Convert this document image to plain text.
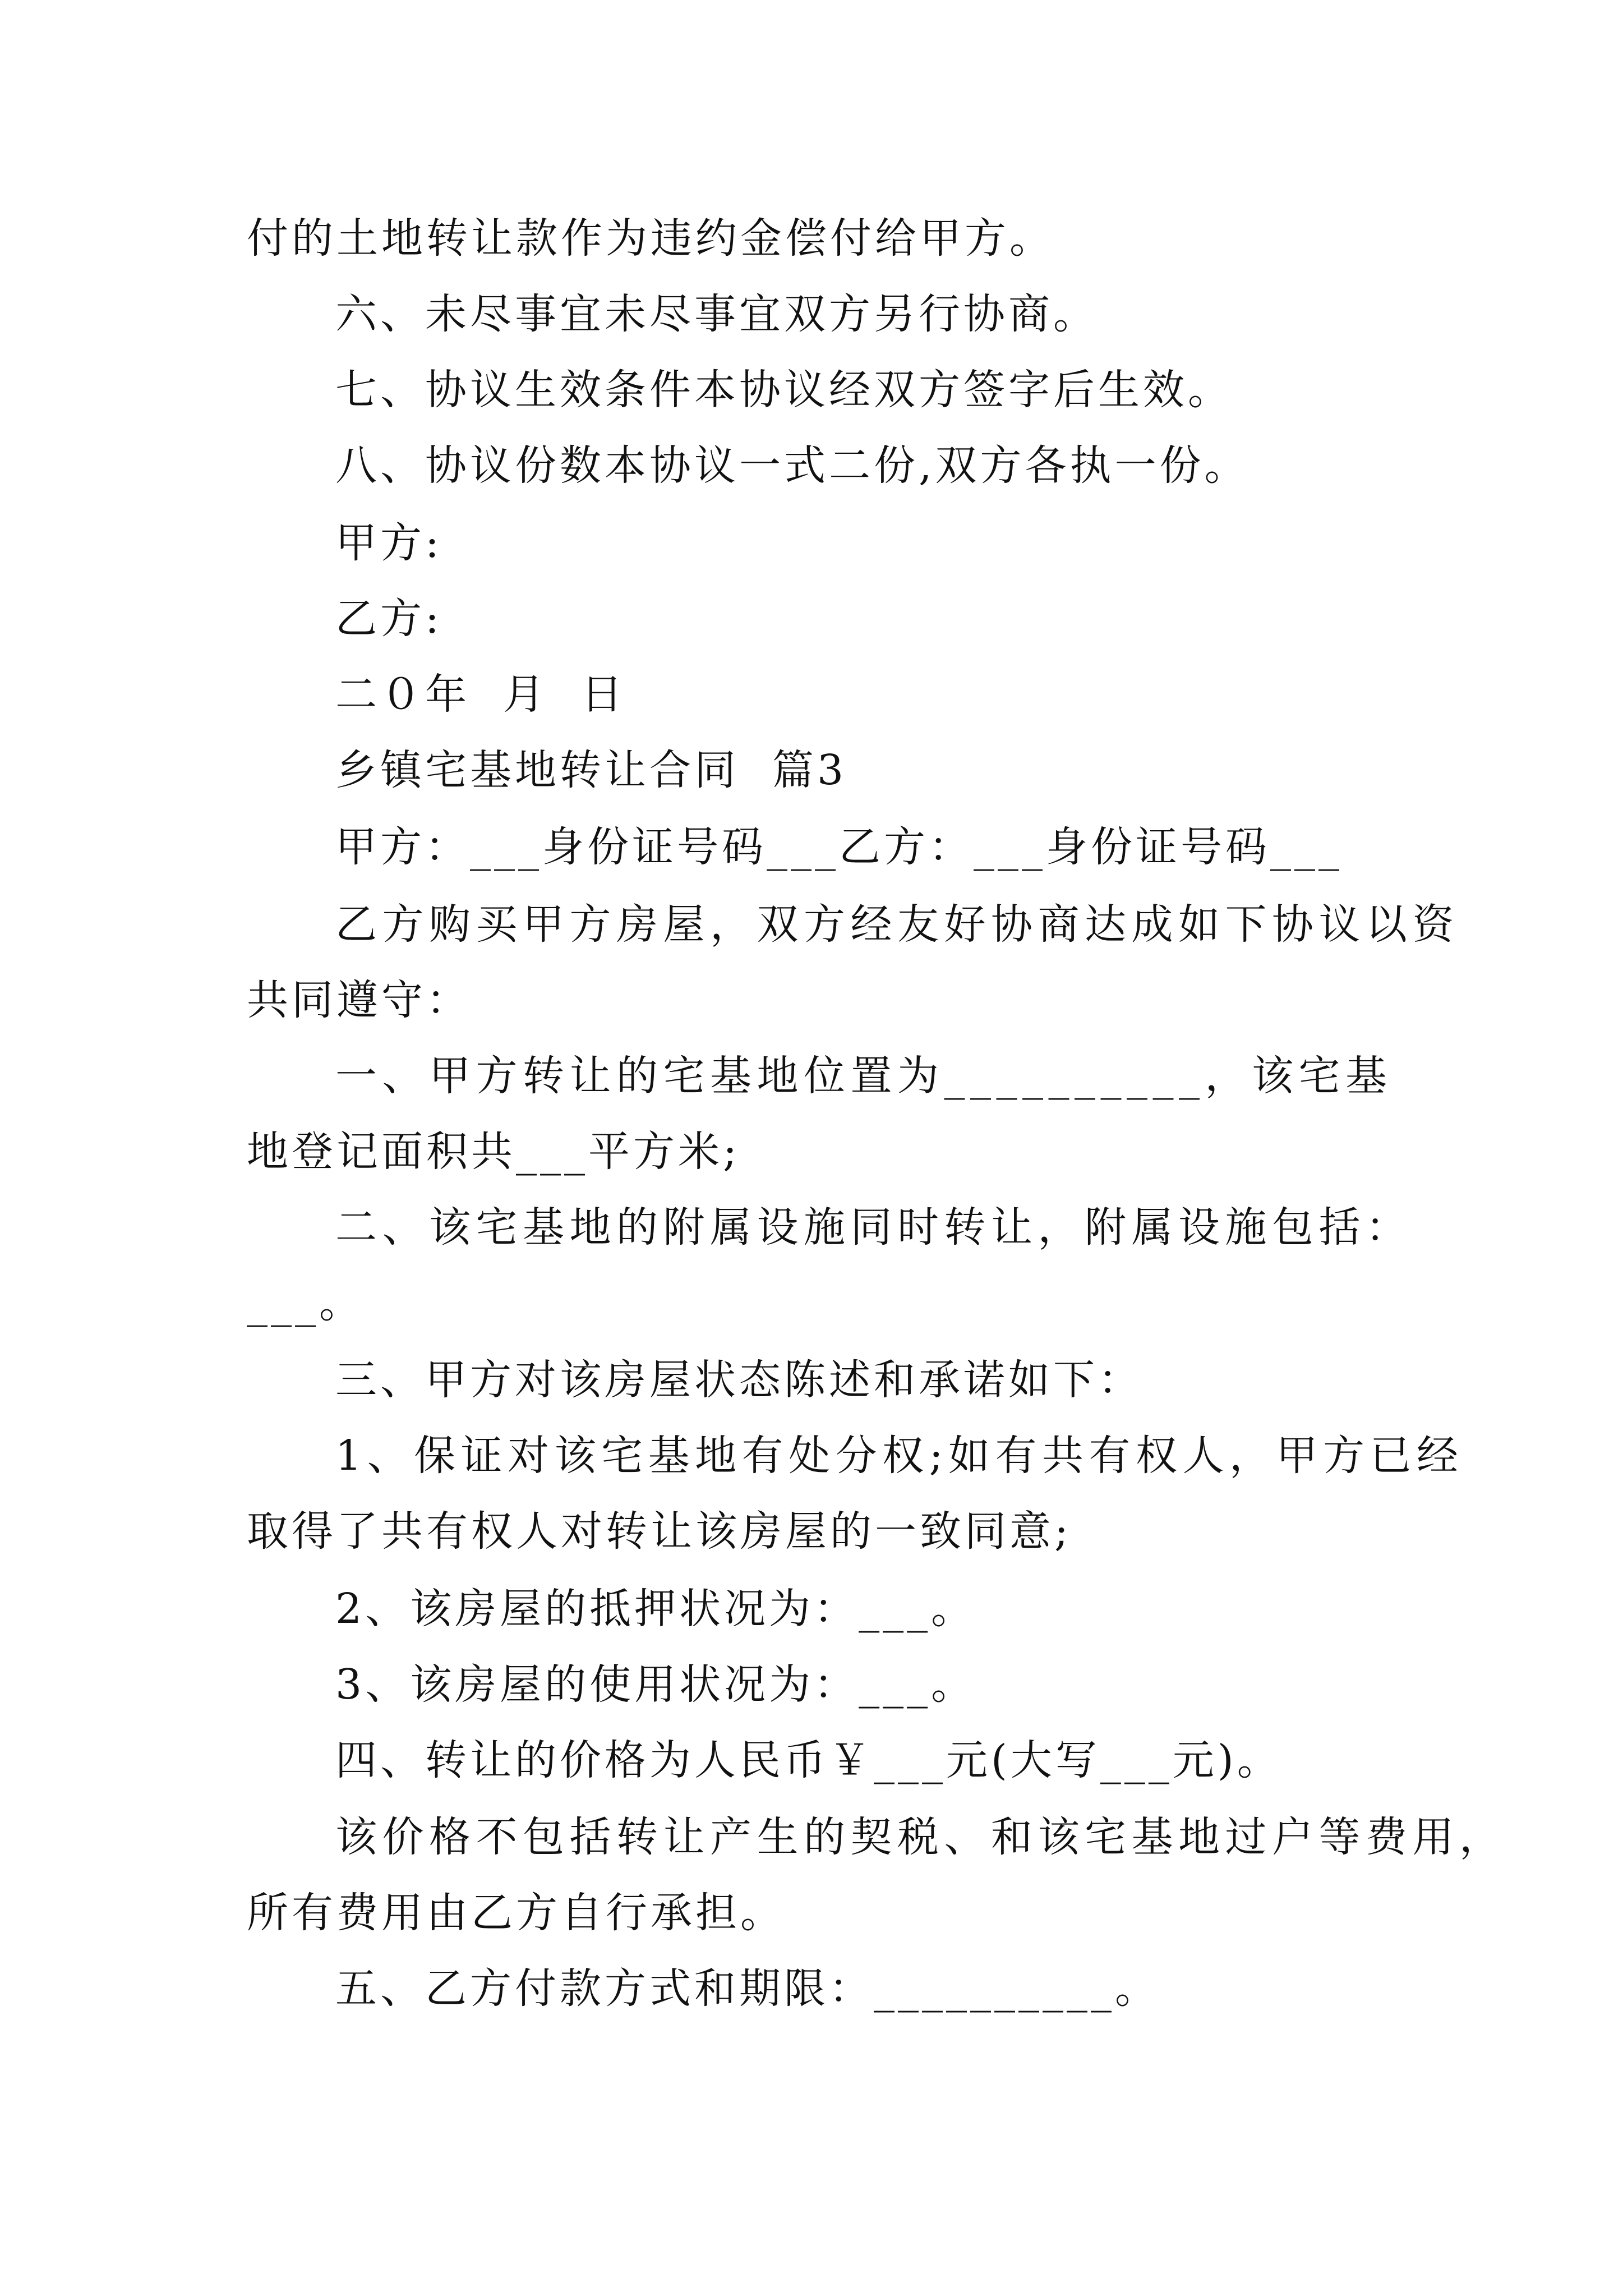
付的土地转让款作为违约金偿付给甲方。
六、未尽事宜未尽事宜双方另行协商。
七、协议生效条件本协议经双方签字后生效。
八、协议份数本协议一式二份,双方各执一份。
甲方:
乙方:
二０年  月  日
乡镇宅基地转让合同  篇3
甲方：___身份证号码___乙方：___身份证号码___
乙方购买甲方房屋，双方经友好协商达成如下协议以资
共同遵守：
一、甲方转让的宅基地位置为__________，该宅基
地登记面积共___平方米;
二、该宅基地的附属设施同时转让，附属设施包括：
___。
三、甲方对该房屋状态陈述和承诺如下：
1、保证对该宅基地有处分权;如有共有权人，甲方已经
取得了共有权人对转让该房屋的一致同意;
2、该房屋的抵押状况为：___。
3、该房屋的使用状况为：___。
四、转让的价格为人民币￥___元(大写___元)。
该价格不包括转让产生的契税、和该宅基地过户等费用，
所有费用由乙方自行承担。
五、乙方付款方式和期限：__________。
